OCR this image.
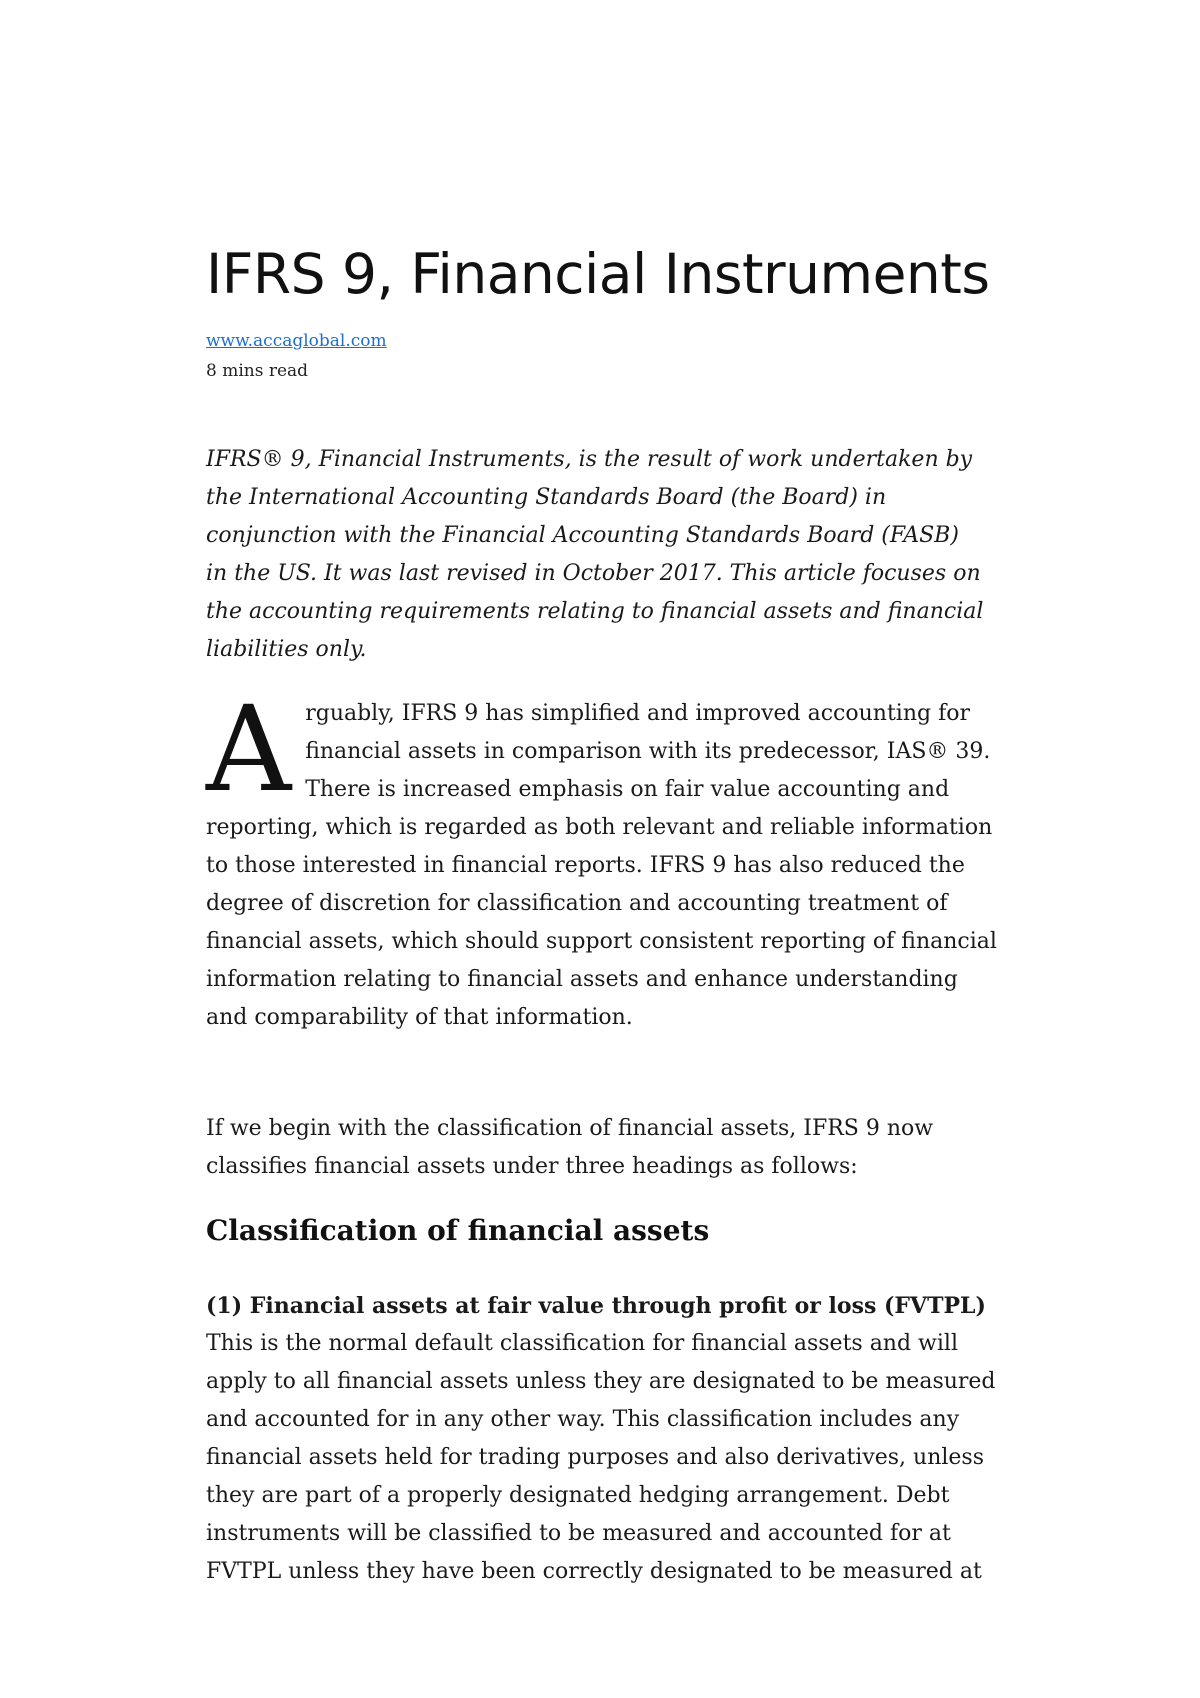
IFRS 9, Financial Instruments
www.accaglobal.com
8 mins read

IFRS® 9, Financial Instruments, is the result of work undertaken by the International Accounting Standards Board (the Board) in conjunction with the Financial Accounting Standards Board (FASB) in the US. It was last revised in October 2017. This article focuses on the accounting requirements relating to financial assets and financial liabilities only.

A rguably, IFRS 9 has simplified and improved accounting for financial assets in comparison with its predecessor, IAS® 39. There is increased emphasis on fair value accounting and reporting, which is regarded as both relevant and reliable information to those interested in financial reports. IFRS 9 has also reduced the degree of discretion for classification and accounting treatment of financial assets, which should support consistent reporting of financial information relating to financial assets and enhance understanding and comparability of that information.

If we begin with the classification of financial assets, IFRS 9 now classifies financial assets under three headings as follows:

Classification of financial assets
(1) Financial assets at fair value through profit or loss (FVTPL)
This is the normal default classification for financial assets and will apply to all financial assets unless they are designated to be measured and accounted for in any other way. This classification includes any financial assets held for trading purposes and also derivatives, unless they are part of a properly designated hedging arrangement. Debt instruments will be classified to be measured and accounted for at FVTPL unless they have been correctly designated to be measured at
